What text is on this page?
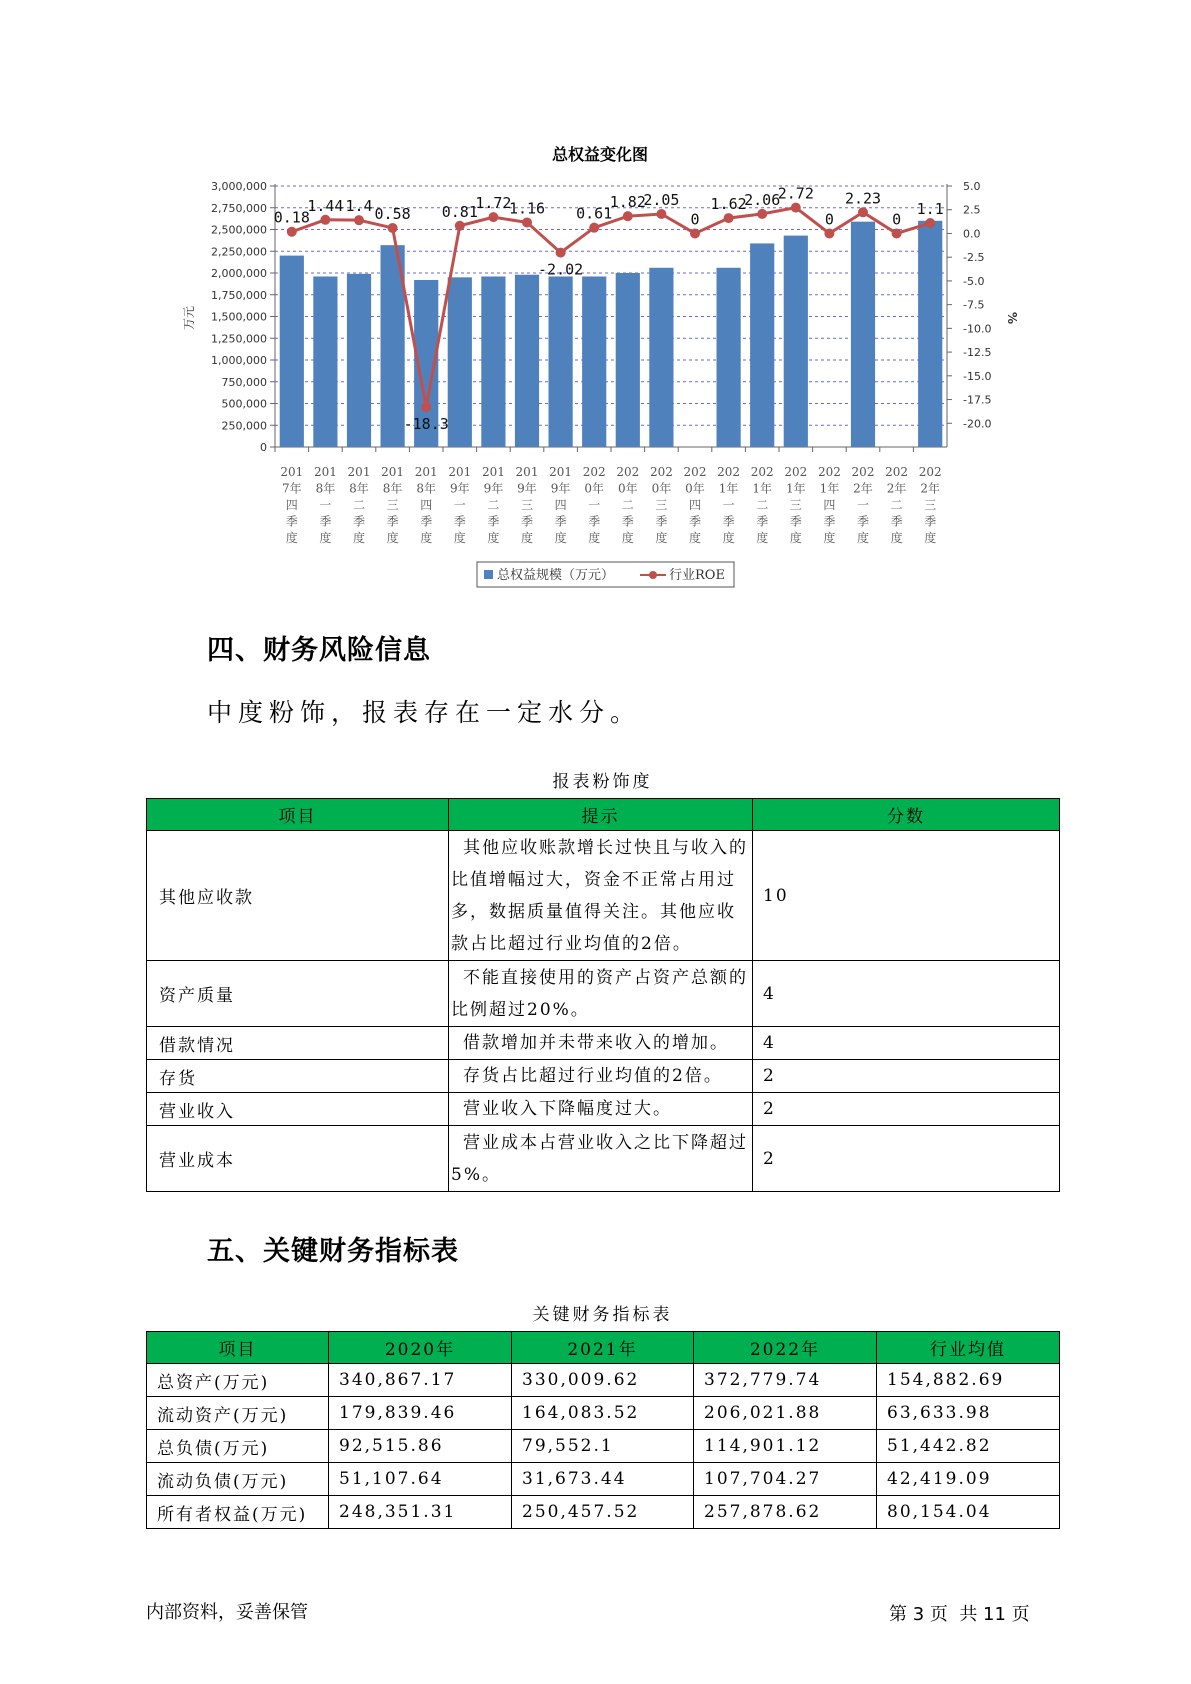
总权益变化图
万元	%
3,000,000
2,750,000
2,500,000
2,250,000
2,000,000
1,750,000
1,500,000
1,250,000
1,000,000
750,000
500,000
250,000
0
5.0
2.5
0.0
-2.5
-5.0
-7.5
-10.0
-12.5
-15.0
-17.5
-20.0
0.18
1.44 1.4 0.58
-18.3
0.81
1.72
1.16
-2.02
0.61
1.82
2.05
0
1.62
2.06
2.72
0
2.23
0
1.1
201
7年
四
季
度
201
8年
一
季
度
201
8年
二
季
度
201
8年
三
季
度
201
8年
四
季
度
201
9年
一
季
度
201
9年
二
季
度
201
9年
三
季
度
201
9年
四
季
度
202
0年
一
季
度
202
0年
二
季
度
202
0年
三
季
度
202
0年
四
季
度
202
1年
一
季
度
202
1年
二
季
度
202
1年
三
季
度
202
1年
四
季
度
202
2年
一
季
度
202
2年
二
季
度
202
2年
三
季
度
总权益规模（万元）	行业ROE
四、财务风险信息
中度粉饰，报表存在一定水分。
报表粉饰度
项目	提示	分数
其他应收款	其他应收账款增长过快且与收入的比值增幅过大，资金不正常占用过多，数据质量值得关注。其他应收款占比超过行业均值的2倍。	10
资产质量	不能直接使用的资产占资产总额的比例超过20%。	4
借款情况	借款增加并未带来收入的增加。	4
存货	存货占比超过行业均值的2倍。	2
营业收入	营业收入下降幅度过大。	2
营业成本	营业成本占营业收入之比下降超过5%。	2
五、关键财务指标表
关键财务指标表
项目	2020年	2021年	2022年	行业均值
总资产(万元)	340,867.17	330,009.62	372,779.74	154,882.69
流动资产(万元)	179,839.46	164,083.52	206,021.88	63,633.98
总负债(万元)	92,515.86	79,552.1	114,901.12	51,442.82
流动负债(万元)	51,107.64	31,673.44	107,704.27	42,419.09
所有者权益(万元)	248,351.31	250,457.52	257,878.62	80,154.04
内部资料，妥善保管	第 3 页  共 11 页
